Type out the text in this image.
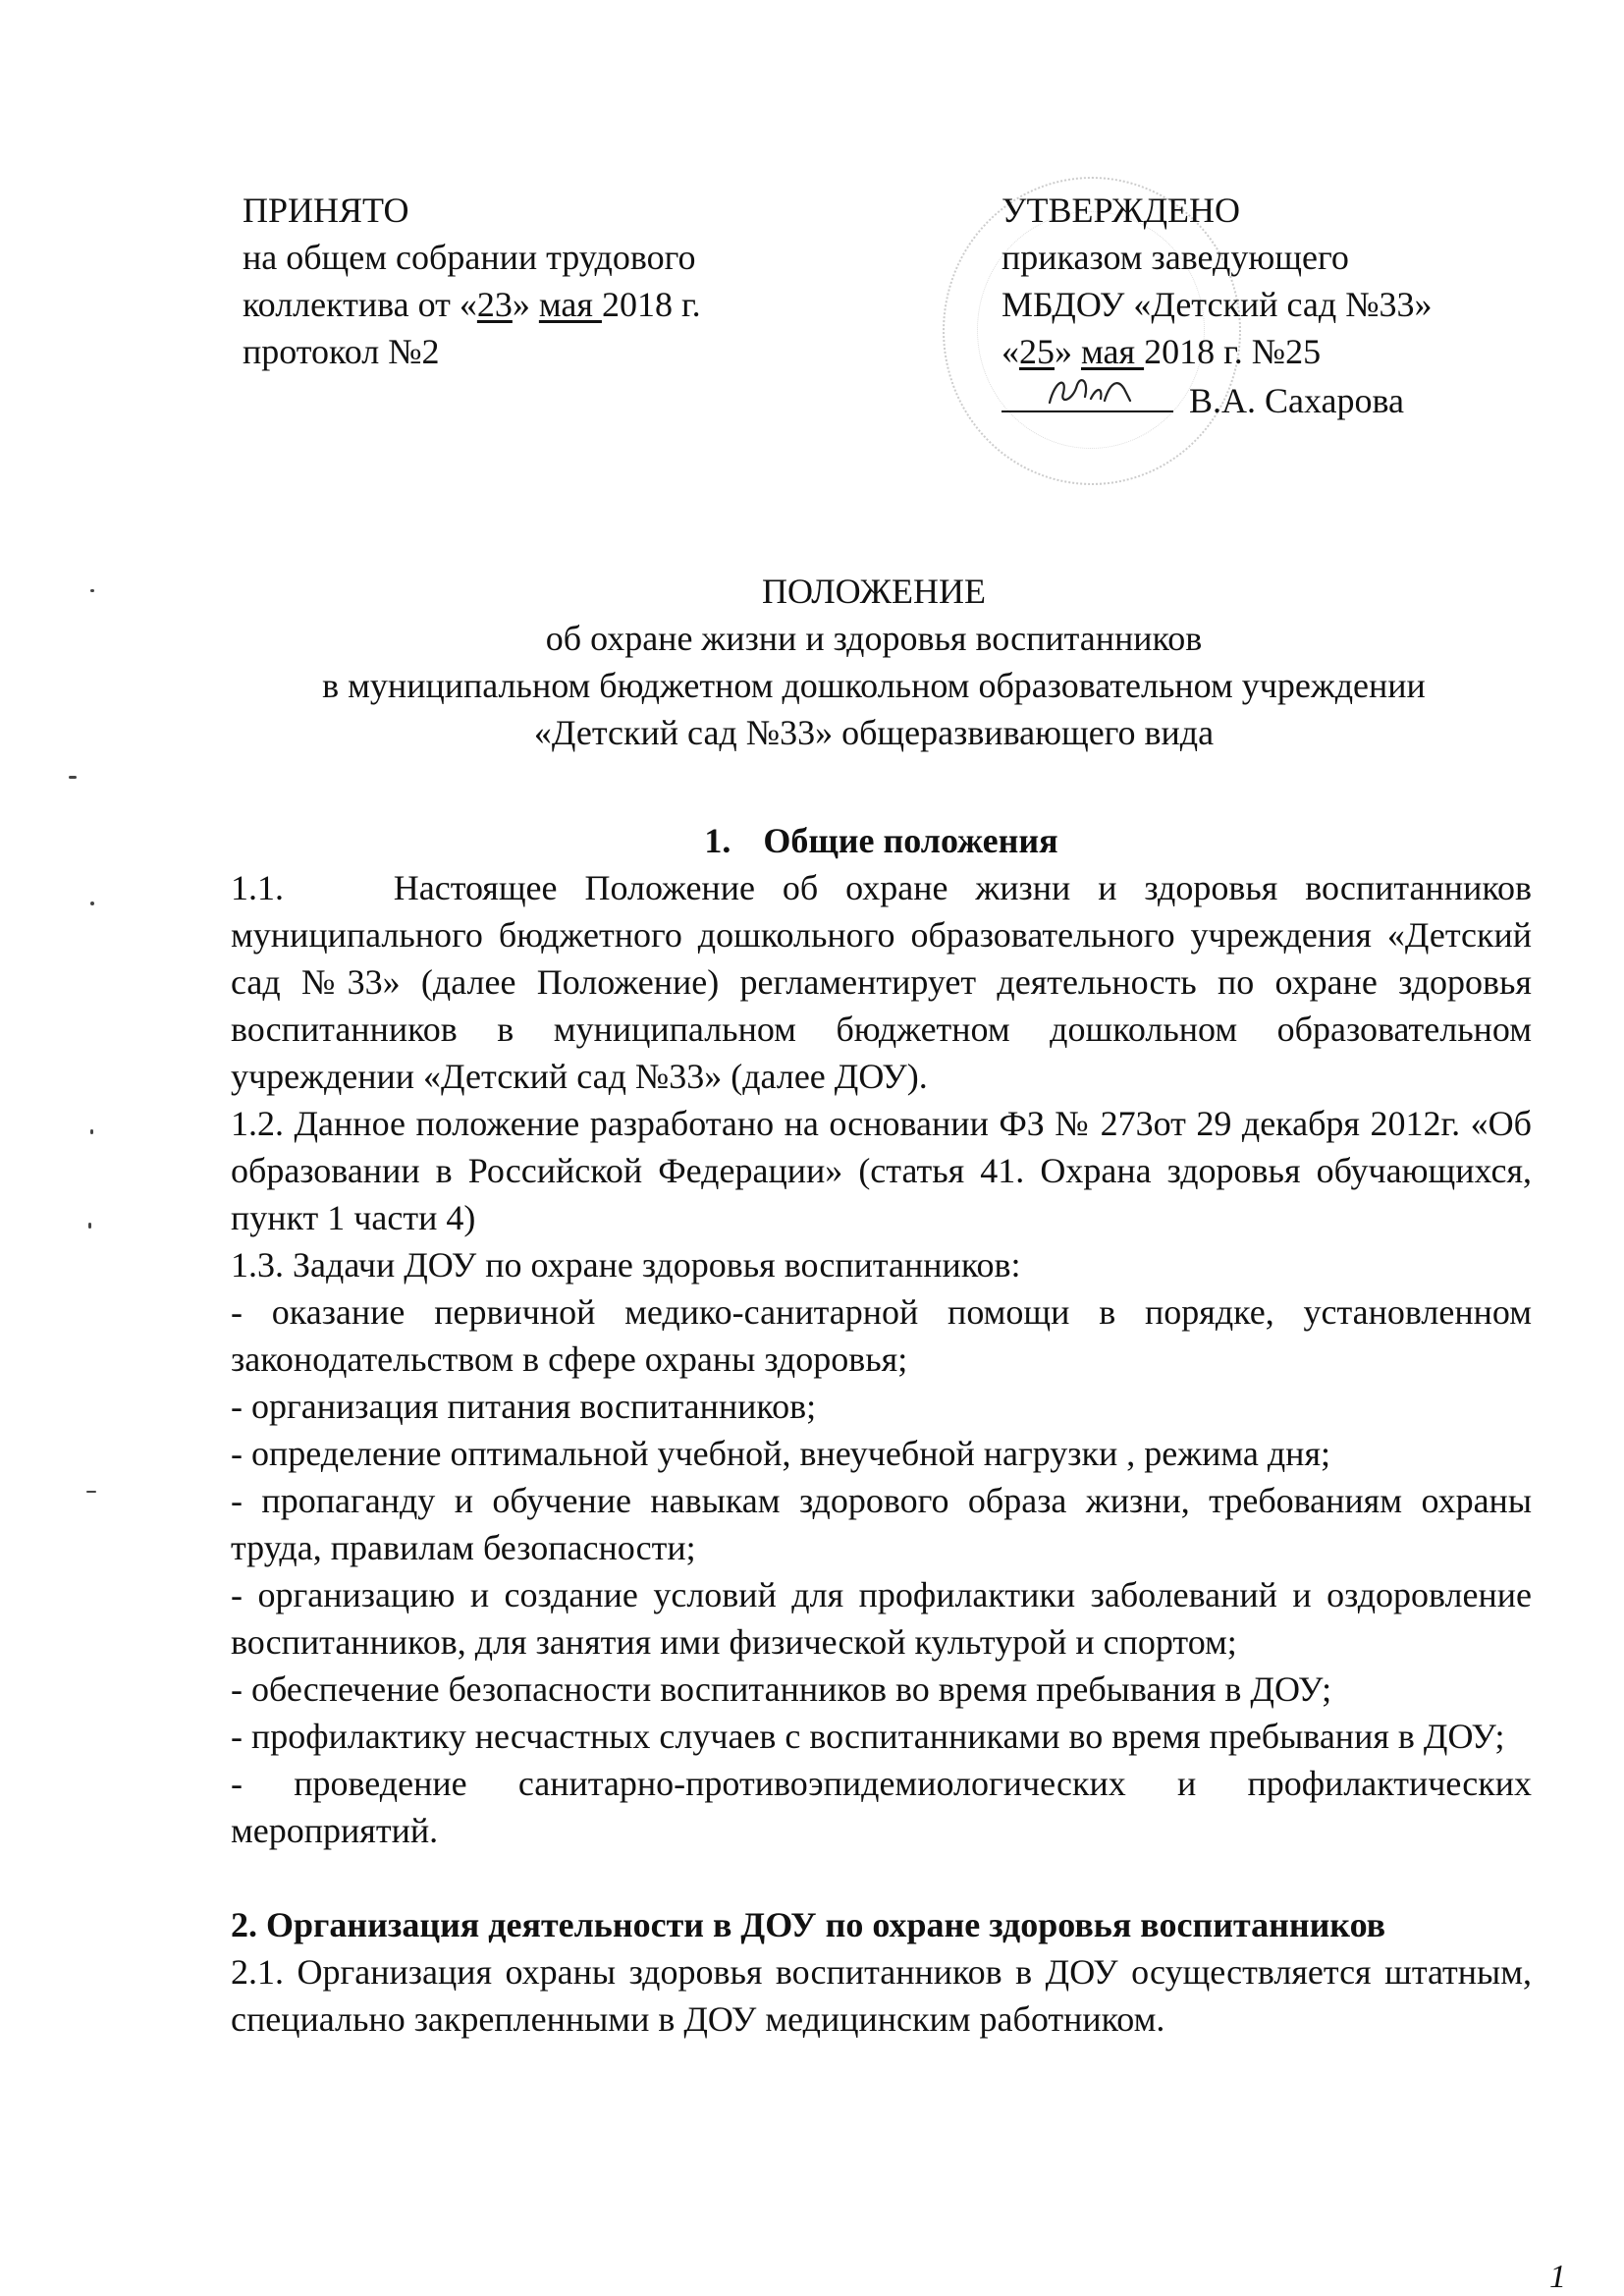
ПРИНЯТО
на общем собрании трудового
коллектива от «23» мая 2018 г.
протокол №2
УТВЕРЖДЕНО
приказом заведующего
МБДОУ «Детский сад №33»
«25» мая 2018 г. №25
В.А. Сахарова
ПОЛОЖЕНИЕ
об охране жизни и здоровья воспитанников
в муниципальном бюджетном дошкольном образовательном учреждении
«Детский сад №33» общеразвивающего вида
1. Общие положения
1.1.    Настоящее Положение об охране жизни и здоровья воспитанников муниципального бюджетного дошкольного образовательного учреждения «Детский сад №33» (далее Положение) регламентирует деятельность по охране здоровья воспитанников в муниципальном бюджетном дошкольном образовательном учреждении «Детский сад №33» (далее ДОУ).
1.2. Данное положение разработано на основании ФЗ № 273от 29 декабря 2012г. «Об образовании в Российской Федерации» (статья 41. Охрана здоровья обучающихся, пункт 1 части 4)
1.3. Задачи ДОУ по охране здоровья воспитанников:
- оказание первичной медико-санитарной помощи в порядке, установленном законодательством в сфере охраны здоровья;
- организация питания воспитанников;
- определение оптимальной учебной, внеучебной нагрузки , режима дня;
- пропаганду и обучение навыкам здорового образа жизни, требованиям охраны труда, правилам безопасности;
- организацию и создание условий для профилактики заболеваний и оздоровление воспитанников, для занятия ими физической культурой и спортом;
- обеспечение безопасности воспитанников во время пребывания в ДОУ;
- профилактику несчастных случаев с воспитанниками во время пребывания в ДОУ;
- проведение санитарно-противоэпидемиологических и профилактических мероприятий.
2. Организация деятельности в ДОУ по охране здоровья воспитанников
2.1. Организация охраны здоровья воспитанников в ДОУ осуществляется штатным, специально закрепленными в ДОУ медицинским работником.
1
